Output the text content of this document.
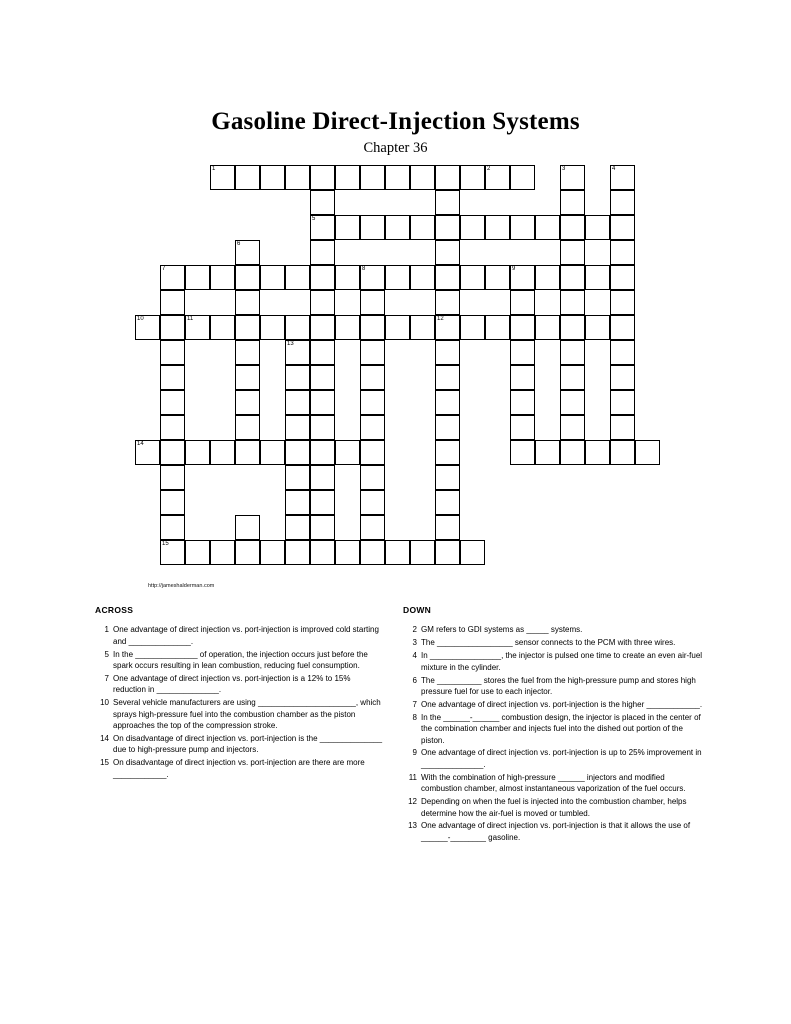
Gasoline Direct-Injection Systems
Chapter 36
1	2	3	4
5
6
7	8	9
10	11	12
13
14
15
http://jameshalderman.com
ACROSS
1 One advantage of direct injection vs. port-injection is improved cold starting and ______________.
5 In the ______________ of operation, the injection occurs just before the spark occurs resulting in lean combustion, reducing fuel consumption.
7 One advantage of direct injection vs. port-injection is a 12% to 15% reduction in ______________.
10 Several vehicle manufacturers are using ______________________, which sprays high-pressure fuel into the combustion chamber as the piston approaches the top of the compression stroke.
14 On disadvantage of direct injection vs. port-injection is the ______________ due to high-pressure pump and injectors.
15 On disadvantage of direct injection vs. port-injection are there are more ____________.
DOWN
2 GM refers to GDI systems as _____ systems.
3 The _________________ sensor connects to the PCM with three wires.
4 In ________________, the injector is pulsed one time to create an even air-fuel mixture in the cylinder.
6 The __________ stores the fuel from the high-pressure pump and stores high pressure fuel for use to each injector.
7 One advantage of direct injection vs. port-injection is the higher ____________.
8 In the ______-______ combustion design, the injector is placed in the center of the combination chamber and injects fuel into the dished out portion of the piston.
9 One advantage of direct injection vs. port-injection is up to 25% improvement in ______________.
11 With the combination of high-pressure ______ injectors and modified combustion chamber, almost instantaneous vaporization of the fuel occurs.
12 Depending on when the fuel is injected into the combustion chamber, helps determine how the air-fuel is moved or tumbled.
13 One advantage of direct injection vs. port-injection is that it allows the use of ______-________ gasoline.
